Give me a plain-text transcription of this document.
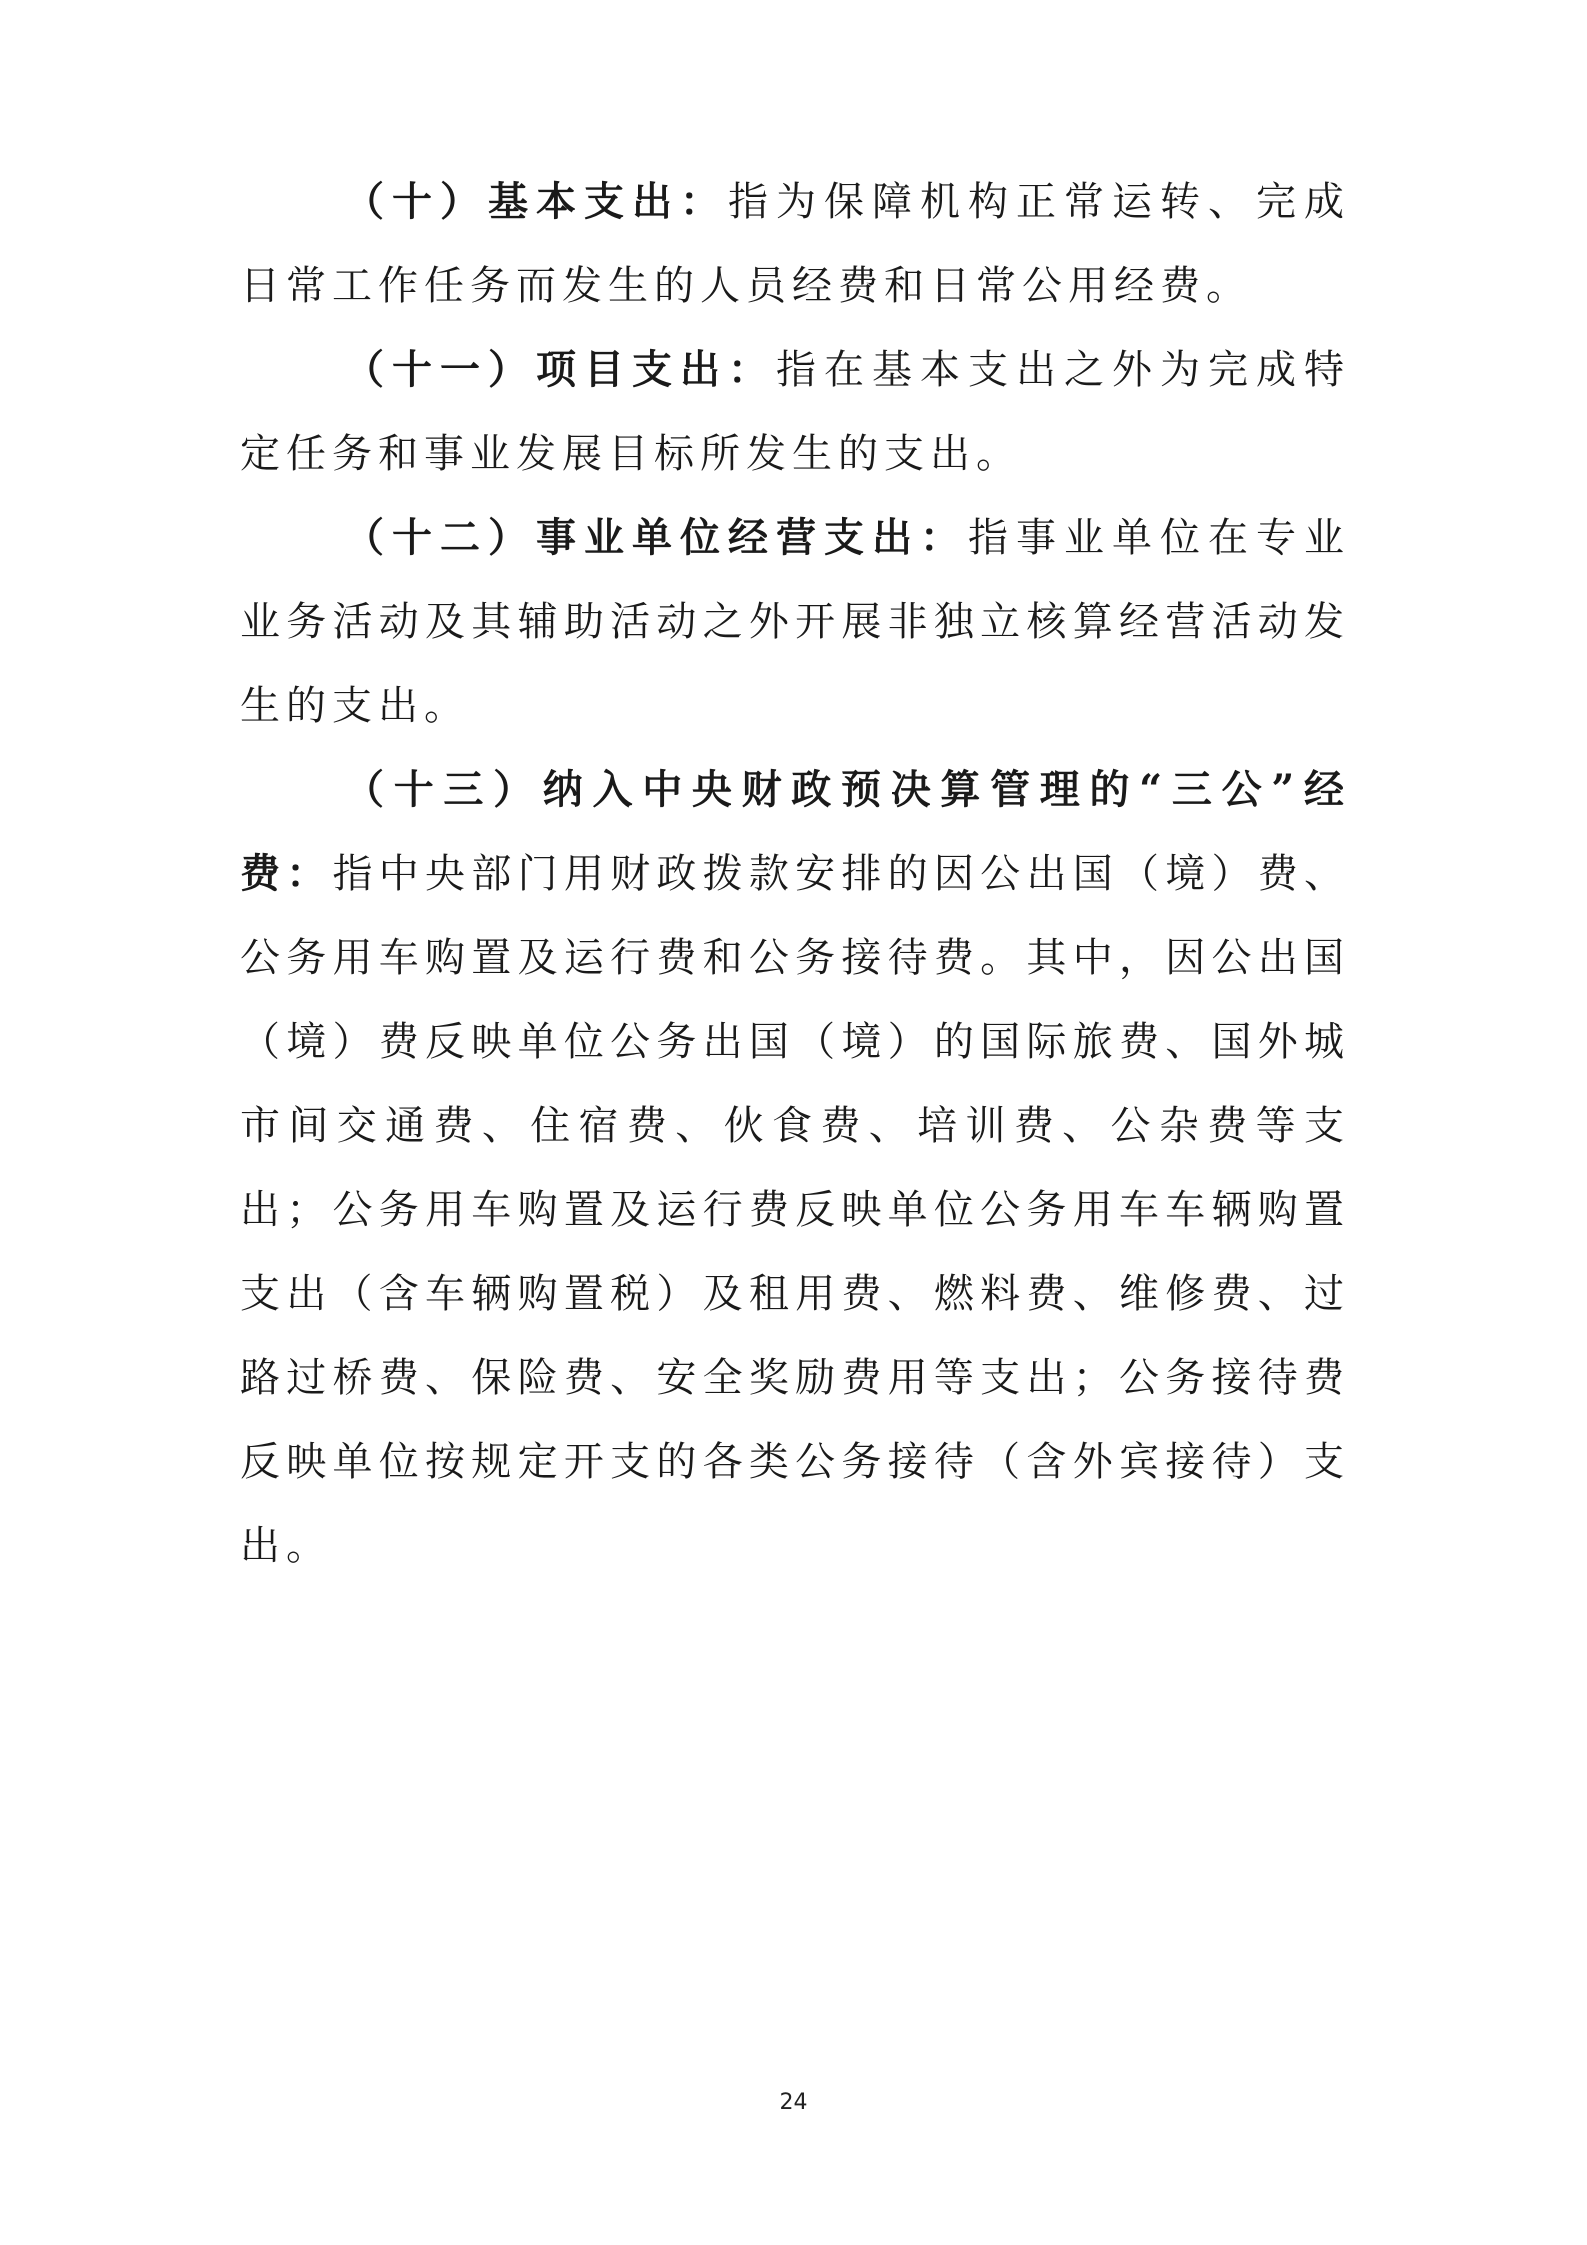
（十）基本支出：指为保障机构正常运转、完成日常工作任务而发生的人员经费和日常公用经费。

（十一）项目支出：指在基本支出之外为完成特定任务和事业发展目标所发生的支出。

（十二）事业单位经营支出：指事业单位在专业业务活动及其辅助活动之外开展非独立核算经营活动发生的支出。

（十三）纳入中央财政预决算管理的“三公”经费：指中央部门用财政拨款安排的因公出国（境）费、公务用车购置及运行费和公务接待费。其中，因公出国（境）费反映单位公务出国（境）的国际旅费、国外城市间交通费、住宿费、伙食费、培训费、公杂费等支出；公务用车购置及运行费反映单位公务用车车辆购置支出（含车辆购置税）及租用费、燃料费、维修费、过路过桥费、保险费、安全奖励费用等支出；公务接待费反映单位按规定开支的各类公务接待（含外宾接待）支出。

24
